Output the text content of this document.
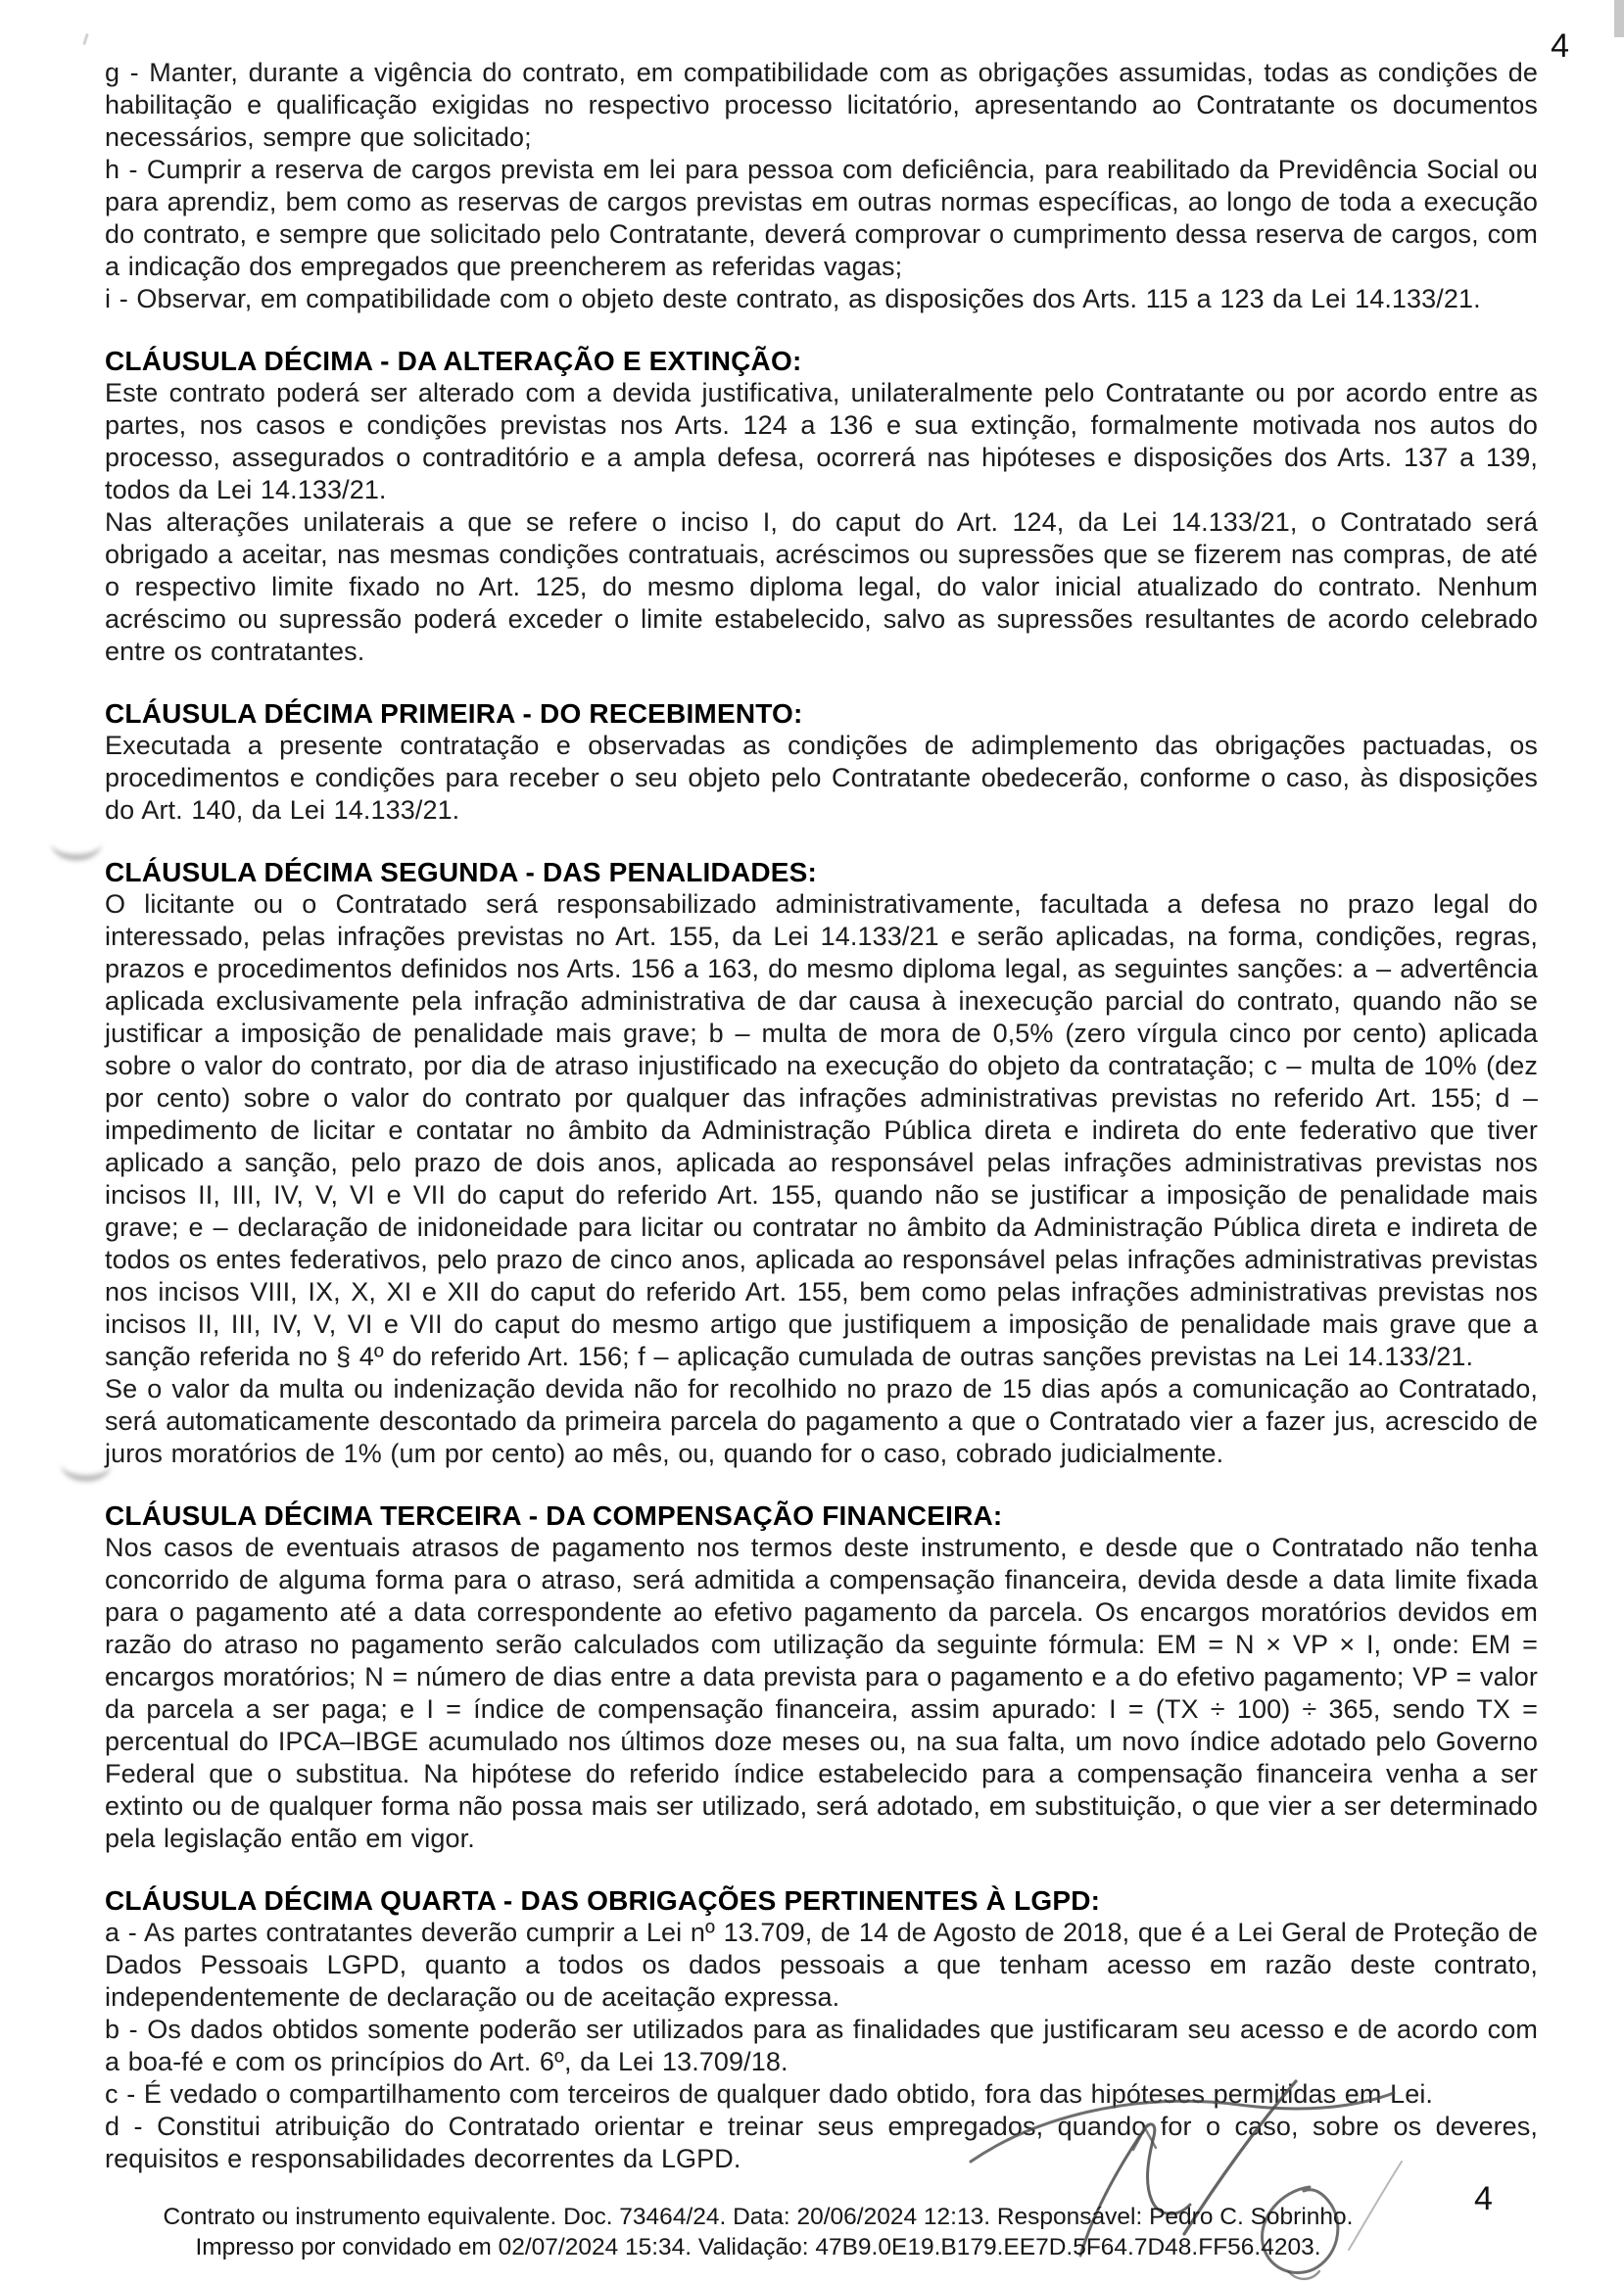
4
4

g - Manter, durante a vigência do contrato, em compatibilidade com as obrigações assumidas, todas as condições de habilitação e qualificação exigidas no respectivo processo licitatório, apresentando ao Contratante os documentos necessários, sempre que solicitado;

h - Cumprir a reserva de cargos prevista em lei para pessoa com deficiência, para reabilitado da Previdência Social ou para aprendiz, bem como as reservas de cargos previstas em outras normas específicas, ao longo de toda a execução do contrato, e sempre que solicitado pelo Contratante, deverá comprovar o cumprimento dessa reserva de cargos, com a indicação dos empregados que preencherem as referidas vagas;

i - Observar, em compatibilidade com o objeto deste contrato, as disposições dos Arts. 115 a 123 da Lei 14.133/21.

CLÁUSULA DÉCIMA - DA ALTERAÇÃO E EXTINÇÃO:

Este contrato poderá ser alterado com a devida justificativa, unilateralmente pelo Contratante ou por acordo entre as partes, nos casos e condições previstas nos Arts. 124 a 136 e sua extinção, formalmente motivada nos autos do processo, assegurados o contraditório e a ampla defesa, ocorrerá nas hipóteses e disposições dos Arts. 137 a 139, todos da Lei 14.133/21.

Nas alterações unilaterais a que se refere o inciso I, do caput do Art. 124, da Lei 14.133/21, o Contratado será obrigado a aceitar, nas mesmas condições contratuais, acréscimos ou supressões que se fizerem nas compras, de até o respectivo limite fixado no Art. 125, do mesmo diploma legal, do valor inicial atualizado do contrato. Nenhum acréscimo ou supressão poderá exceder o limite estabelecido, salvo as supressões resultantes de acordo celebrado entre os contratantes.

CLÁUSULA DÉCIMA PRIMEIRA - DO RECEBIMENTO:

Executada a presente contratação e observadas as condições de adimplemento das obrigações pactuadas, os procedimentos e condições para receber o seu objeto pelo Contratante obedecerão, conforme o caso, às disposições do Art. 140, da Lei 14.133/21.

CLÁUSULA DÉCIMA SEGUNDA - DAS PENALIDADES:

O licitante ou o Contratado será responsabilizado administrativamente, facultada a defesa no prazo legal do interessado, pelas infrações previstas no Art. 155, da Lei 14.133/21 e serão aplicadas, na forma, condições, regras, prazos e procedimentos definidos nos Arts. 156 a 163, do mesmo diploma legal, as seguintes sanções: a – advertência aplicada exclusivamente pela infração administrativa de dar causa à inexecução parcial do contrato, quando não se justificar a imposição de penalidade mais grave; b – multa de mora de 0,5% (zero vírgula cinco por cento) aplicada sobre o valor do contrato, por dia de atraso injustificado na execução do objeto da contratação; c – multa de 10% (dez por cento) sobre o valor do contrato por qualquer das infrações administrativas previstas no referido Art. 155; d – impedimento de licitar e contatar no âmbito da Administração Pública direta e indireta do ente federativo que tiver aplicado a sanção, pelo prazo de dois anos, aplicada ao responsável pelas infrações administrativas previstas nos incisos II, III, IV, V, VI e VII do caput do referido Art. 155, quando não se justificar a imposição de penalidade mais grave; e – declaração de inidoneidade para licitar ou contratar no âmbito da Administração Pública direta e indireta de todos os entes federativos, pelo prazo de cinco anos, aplicada ao responsável pelas infrações administrativas previstas nos incisos VIII, IX, X, XI e XII do caput do referido Art. 155, bem como pelas infrações administrativas previstas nos incisos II, III, IV, V, VI e VII do caput do mesmo artigo que justifiquem a imposição de penalidade mais grave que a sanção referida no § 4º do referido Art. 156; f – aplicação cumulada de outras sanções previstas na Lei 14.133/21.

Se o valor da multa ou indenização devida não for recolhido no prazo de 15 dias após a comunicação ao Contratado, será automaticamente descontado da primeira parcela do pagamento a que o Contratado vier a fazer jus, acrescido de juros moratórios de 1% (um por cento) ao mês, ou, quando for o caso, cobrado judicialmente.

CLÁUSULA DÉCIMA TERCEIRA - DA COMPENSAÇÃO FINANCEIRA:

Nos casos de eventuais atrasos de pagamento nos termos deste instrumento, e desde que o Contratado não tenha concorrido de alguma forma para o atraso, será admitida a compensação financeira, devida desde a data limite fixada para o pagamento até a data correspondente ao efetivo pagamento da parcela. Os encargos moratórios devidos em razão do atraso no pagamento serão calculados com utilização da seguinte fórmula: EM = N × VP × I, onde: EM = encargos moratórios; N = número de dias entre a data prevista para o pagamento e a do efetivo pagamento; VP = valor da parcela a ser paga; e I = índice de compensação financeira, assim apurado: I = (TX ÷ 100) ÷ 365, sendo TX = percentual do IPCA–IBGE acumulado nos últimos doze meses ou, na sua falta, um novo índice adotado pelo Governo Federal que o substitua. Na hipótese do referido índice estabelecido para a compensação financeira venha a ser extinto ou de qualquer forma não possa mais ser utilizado, será adotado, em substituição, o que vier a ser determinado pela legislação então em vigor.

CLÁUSULA DÉCIMA QUARTA - DAS OBRIGAÇÕES PERTINENTES À LGPD:

a - As partes contratantes deverão cumprir a Lei nº 13.709, de 14 de Agosto de 2018, que é a Lei Geral de Proteção de Dados Pessoais LGPD, quanto a todos os dados pessoais a que tenham acesso em razão deste contrato, independentemente de declaração ou de aceitação expressa.

b - Os dados obtidos somente poderão ser utilizados para as finalidades que justificaram seu acesso e de acordo com a boa-fé e com os princípios do Art. 6º, da Lei 13.709/18.

c - É vedado o compartilhamento com terceiros de qualquer dado obtido, fora das hipóteses permitidas em Lei.

d - Constitui atribuição do Contratado orientar e treinar seus empregados, quando for o caso, sobre os deveres, requisitos e responsabilidades decorrentes da LGPD.

Contrato ou instrumento equivalente. Doc. 73464/24. Data: 20/06/2024 12:13. Responsável: Pedro C. Sobrinho.
Impresso por convidado em 02/07/2024 15:34. Validação: 47B9.0E19.B179.EE7D.5F64.7D48.FF56.4203.
